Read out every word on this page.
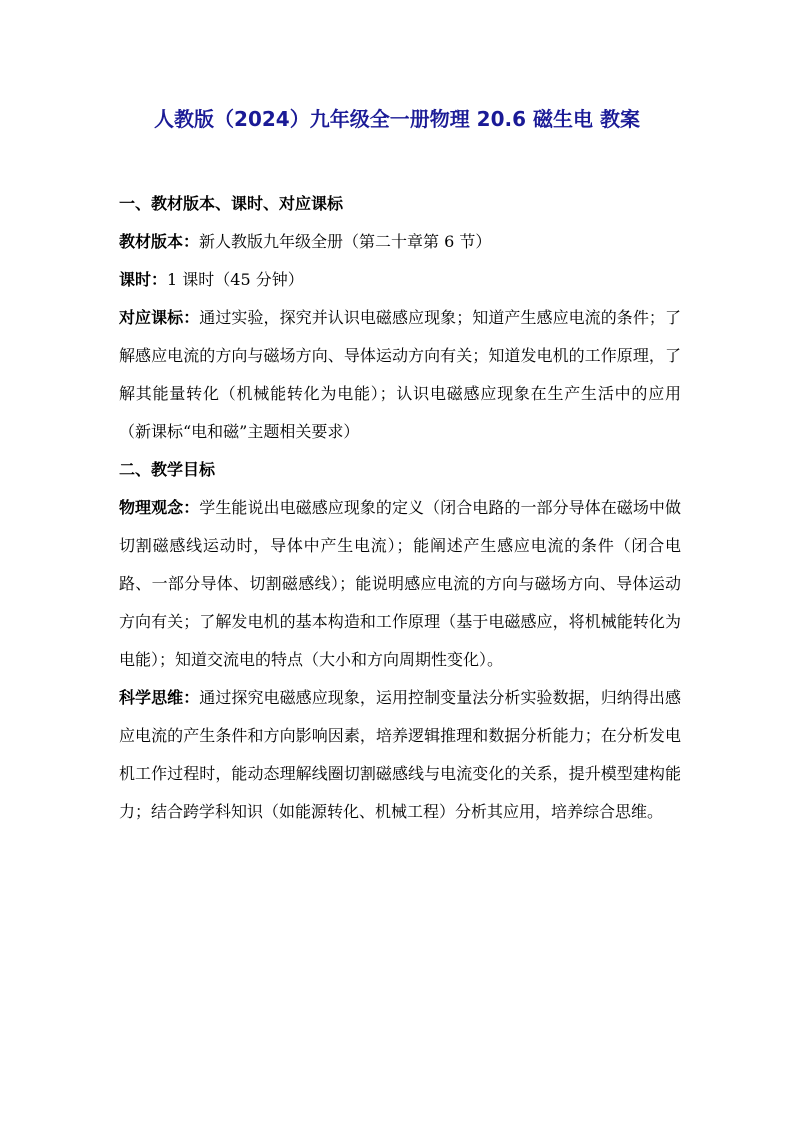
人教版（2024）九年级全一册物理 20.6 磁生电 教案

一、教材版本、课时、对应课标

教材版本：新人教版九年级全册（第二十章第 6 节）

课时：1 课时（45 分钟）

对应课标：通过实验，探究并认识电磁感应现象；知道产生感应电流的条件；了解感应电流的方向与磁场方向、导体运动方向有关；知道发电机的工作原理，了解其能量转化（机械能转化为电能）；认识电磁感应现象在生产生活中的应用（新课标“电和磁”主题相关要求）

二、教学目标

物理观念：学生能说出电磁感应现象的定义（闭合电路的一部分导体在磁场中做切割磁感线运动时，导体中产生电流）；能阐述产生感应电流的条件（闭合电路、一部分导体、切割磁感线）；能说明感应电流的方向与磁场方向、导体运动方向有关；了解发电机的基本构造和工作原理（基于电磁感应，将机械能转化为电能）；知道交流电的特点（大小和方向周期性变化）。

科学思维：通过探究电磁感应现象，运用控制变量法分析实验数据，归纳得出感应电流的产生条件和方向影响因素，培养逻辑推理和数据分析能力；在分析发电机工作过程时，能动态理解线圈切割磁感线与电流变化的关系，提升模型建构能力；结合跨学科知识（如能源转化、机械工程）分析其应用，培养综合思维。
